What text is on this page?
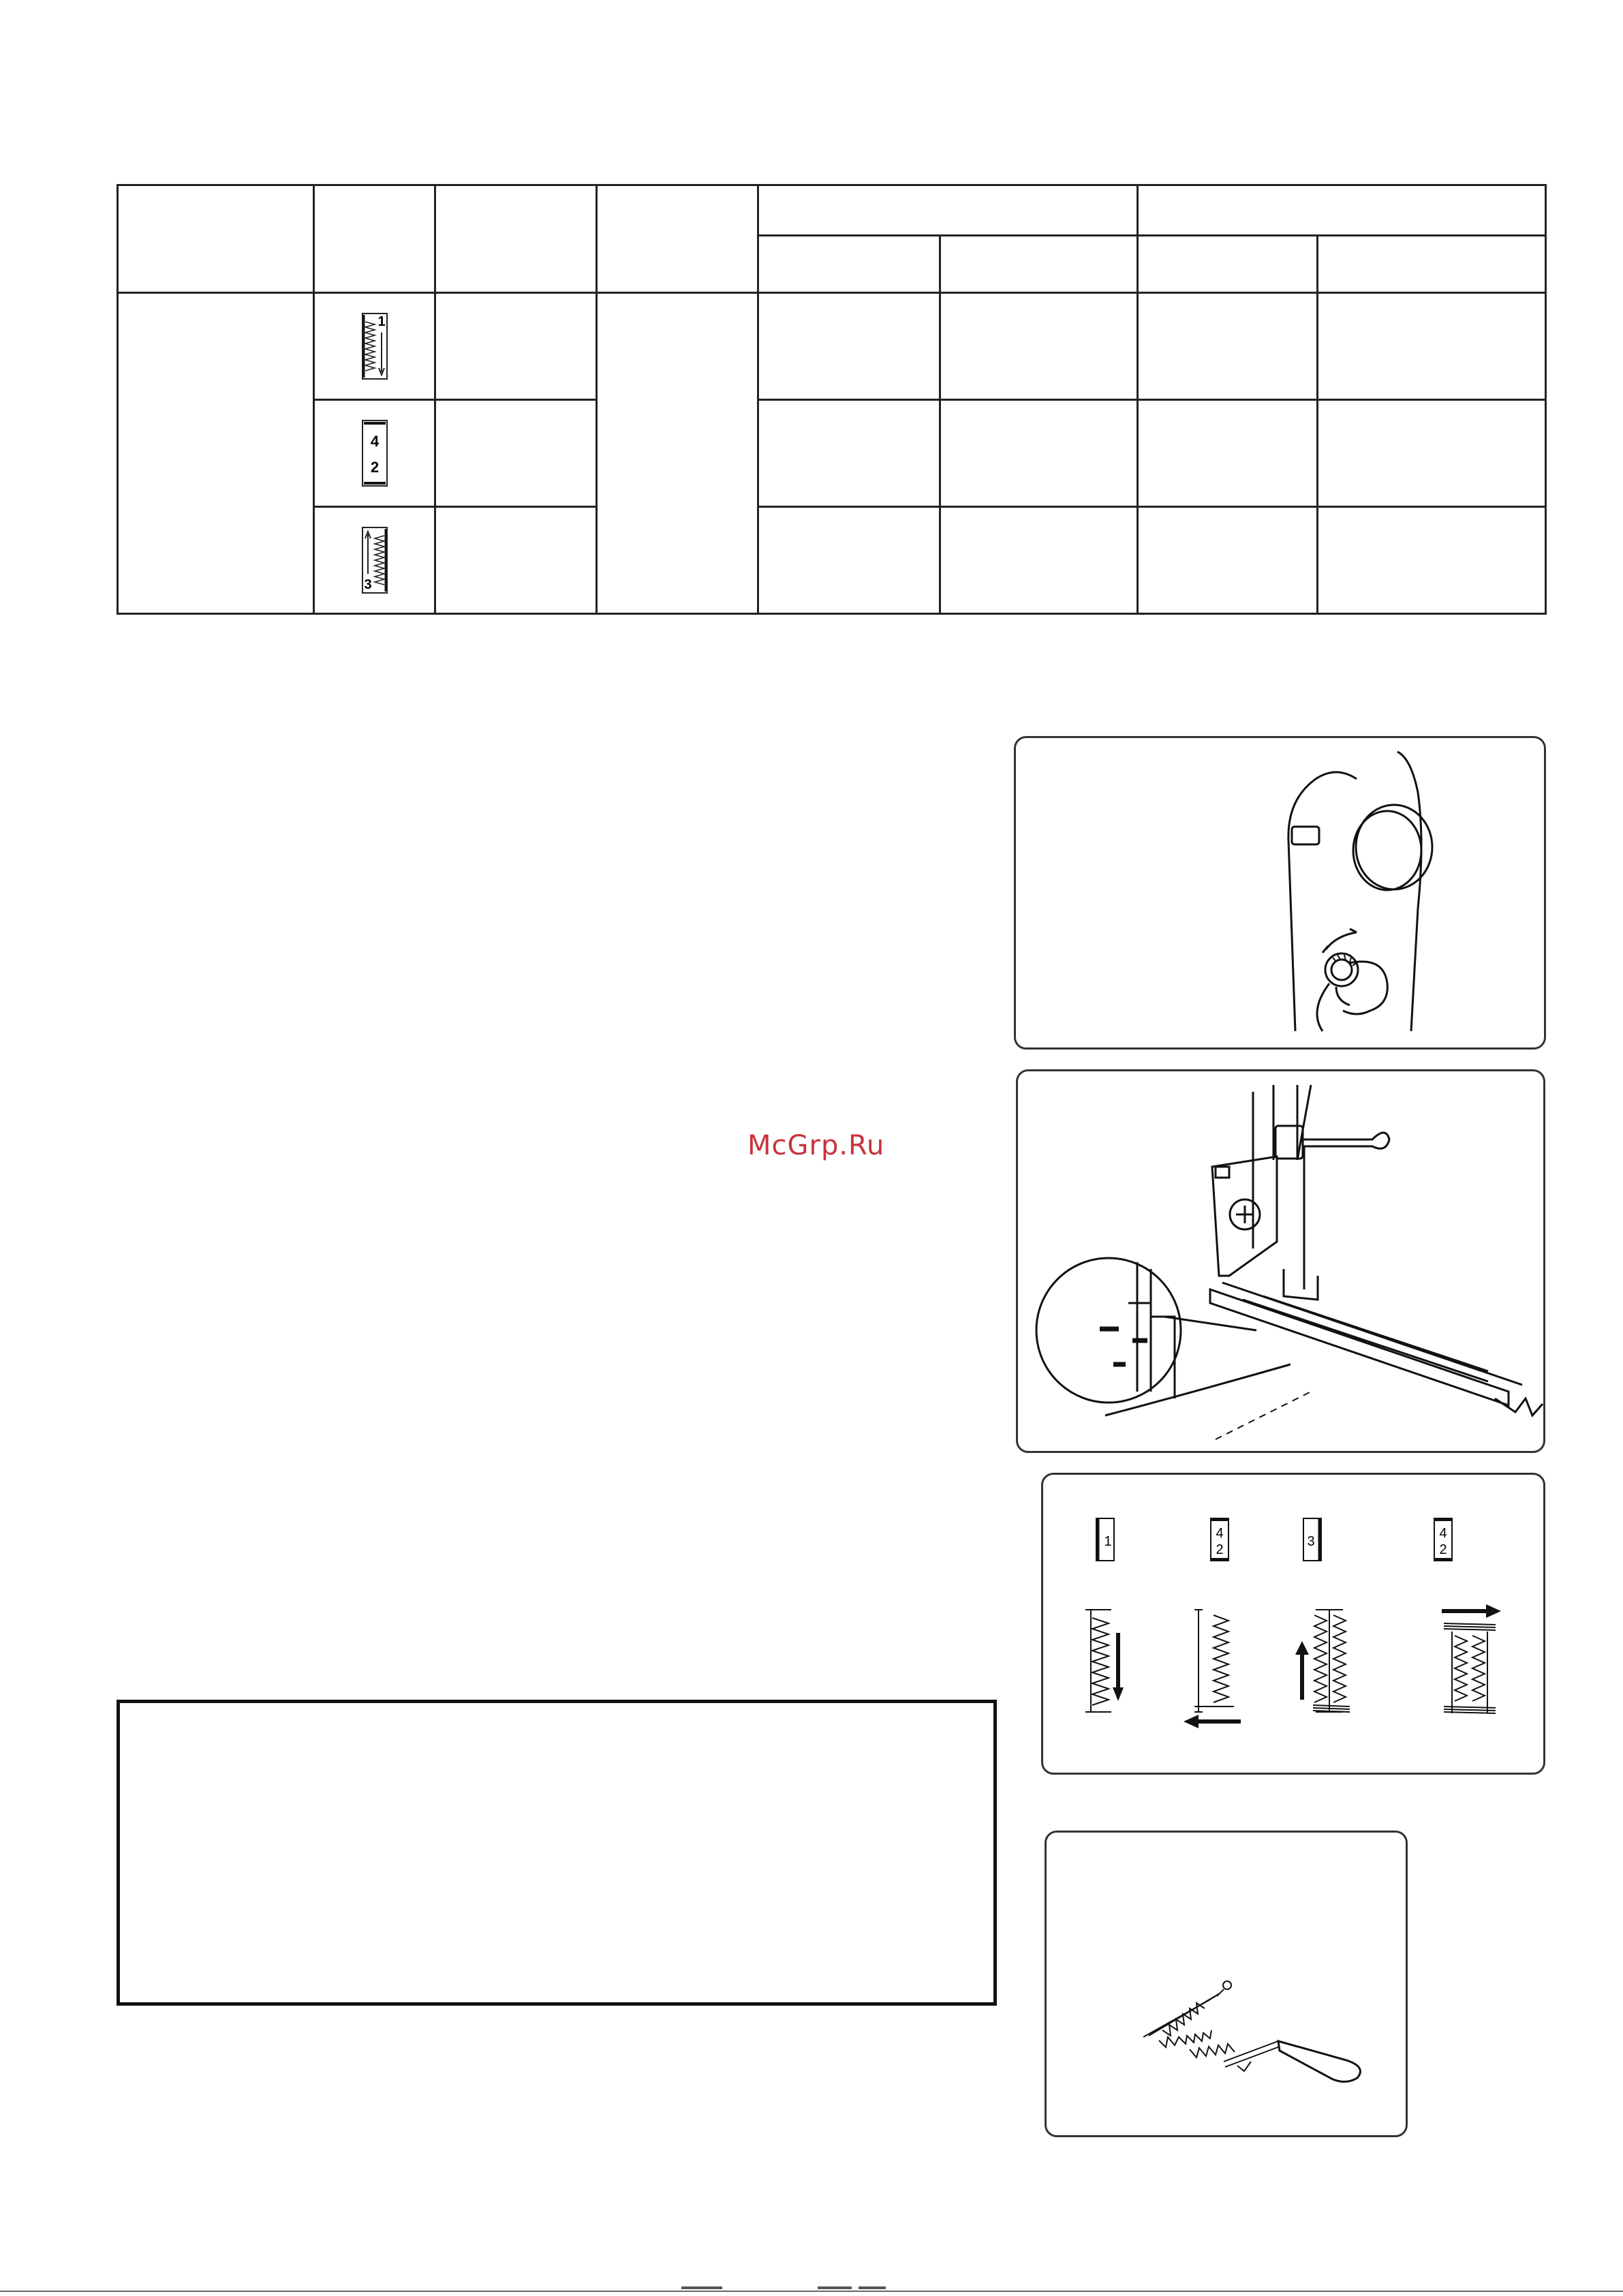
1						

4
2						

3						

1
4
2
3
4
2
McGrp.Ru
